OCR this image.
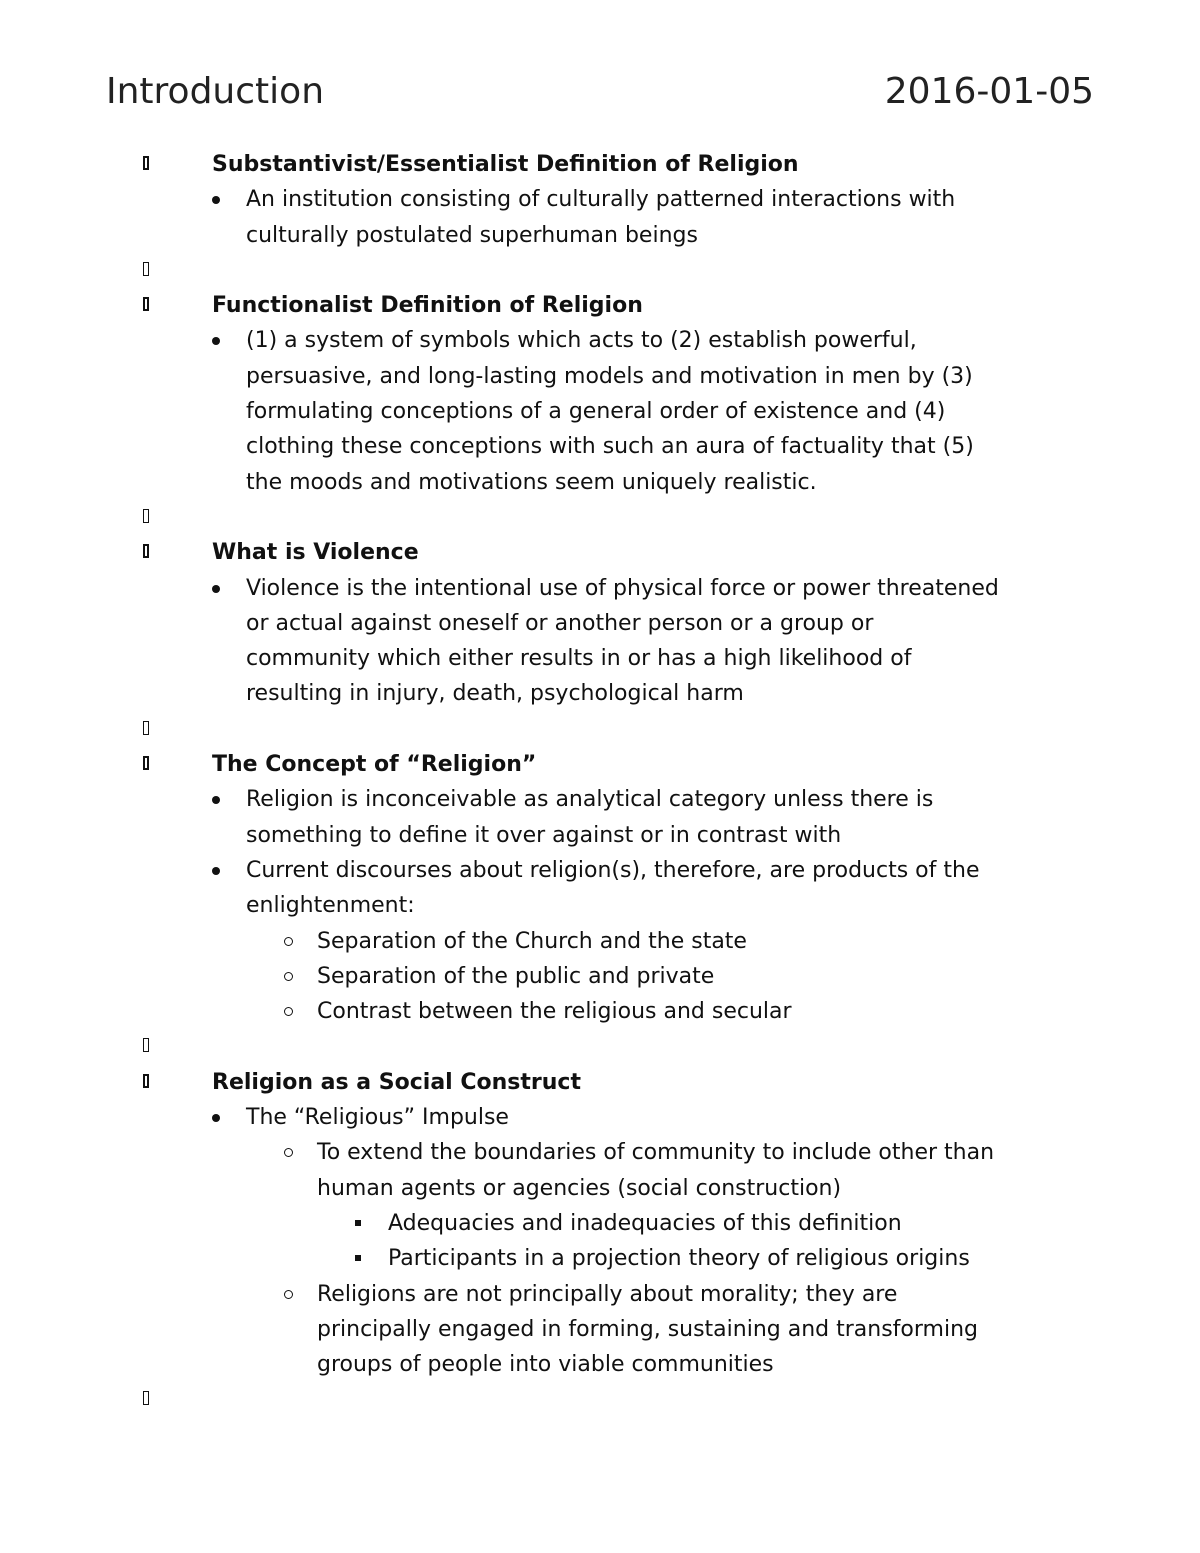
Introduction	2016-01-05
Substantivist/Essentialist Definition of Religion
An institution consisting of culturally patterned interactions with
culturally postulated superhuman beings
Functionalist Definition of Religion
(1) a system of symbols which acts to (2) establish powerful,
persuasive, and long-lasting models and motivation in men by (3)
formulating conceptions of a general order of existence and (4)
clothing these conceptions with such an aura of factuality that (5)
the moods and motivations seem uniquely realistic.
What is Violence
Violence is the intentional use of physical force or power threatened
or actual against oneself or another person or a group or
community which either results in or has a high likelihood of
resulting in injury, death, psychological harm
The Concept of “Religion”
Religion is inconceivable as analytical category unless there is
something to define it over against or in contrast with
Current discourses about religion(s), therefore, are products of the
enlightenment:
Separation of the Church and the state
Separation of the public and private
Contrast between the religious and secular
Religion as a Social Construct
The “Religious” Impulse
To extend the boundaries of community to include other than
human agents or agencies (social construction)
Adequacies and inadequacies of this definition
Participants in a projection theory of religious origins
Religions are not principally about morality; they are
principally engaged in forming, sustaining and transforming
groups of people into viable communities
